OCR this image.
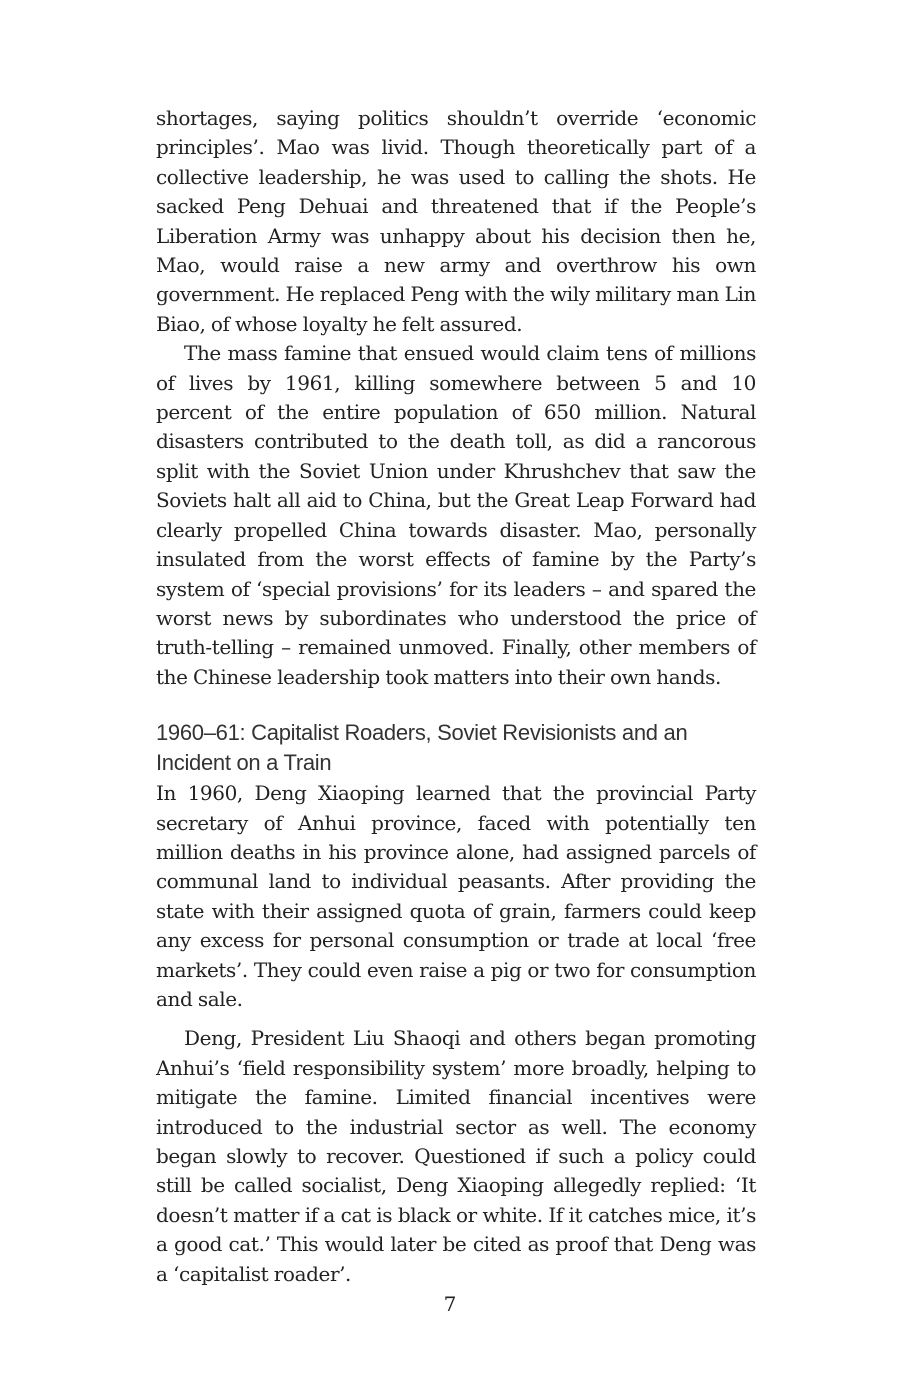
shortages, saying politics shouldn’t override ‘economic principles’. Mao was livid. Though theoretically part of a collective leadership, he was used to calling the shots. He sacked Peng Dehuai and threatened that if the People’s Liberation Army was unhappy about his decision then he, Mao, would raise a new army and overthrow his own government. He replaced Peng with the wily military man Lin Biao, of whose loyalty he felt assured.

The mass famine that ensued would claim tens of millions of lives by 1961, killing somewhere between 5 and 10 percent of the entire population of 650 million. Natural disasters contributed to the death toll, as did a rancorous split with the Soviet Union under Khrushchev that saw the Soviets halt all aid to China, but the Great Leap Forward had clearly propelled China towards disaster. Mao, personally insulated from the worst effects of famine by the Party’s system of ‘special provisions’ for its leaders – and spared the worst news by subordinates who understood the price of truth-telling – remained unmoved. Finally, other members of the Chinese leadership took matters into their own hands.

1960–61: Capitalist Roaders, Soviet Revisionists and an Incident on a Train

In 1960, Deng Xiaoping learned that the provincial Party secretary of Anhui province, faced with potentially ten million deaths in his province alone, had assigned parcels of communal land to individual peasants. After providing the state with their assigned quota of grain, farmers could keep any excess for personal consumption or trade at local ‘free markets’. They could even raise a pig or two for consumption and sale.

Deng, President Liu Shaoqi and others began promoting Anhui’s ‘field responsibility system’ more broadly, helping to mitigate the famine. Limited financial incentives were introduced to the industrial sector as well. The economy began slowly to recover. Questioned if such a policy could still be called socialist, Deng Xiaoping allegedly replied: ‘It doesn’t matter if a cat is black or white. If it catches mice, it’s a good cat.’ This would later be cited as proof that Deng was a ‘capitalist roader’.

7
